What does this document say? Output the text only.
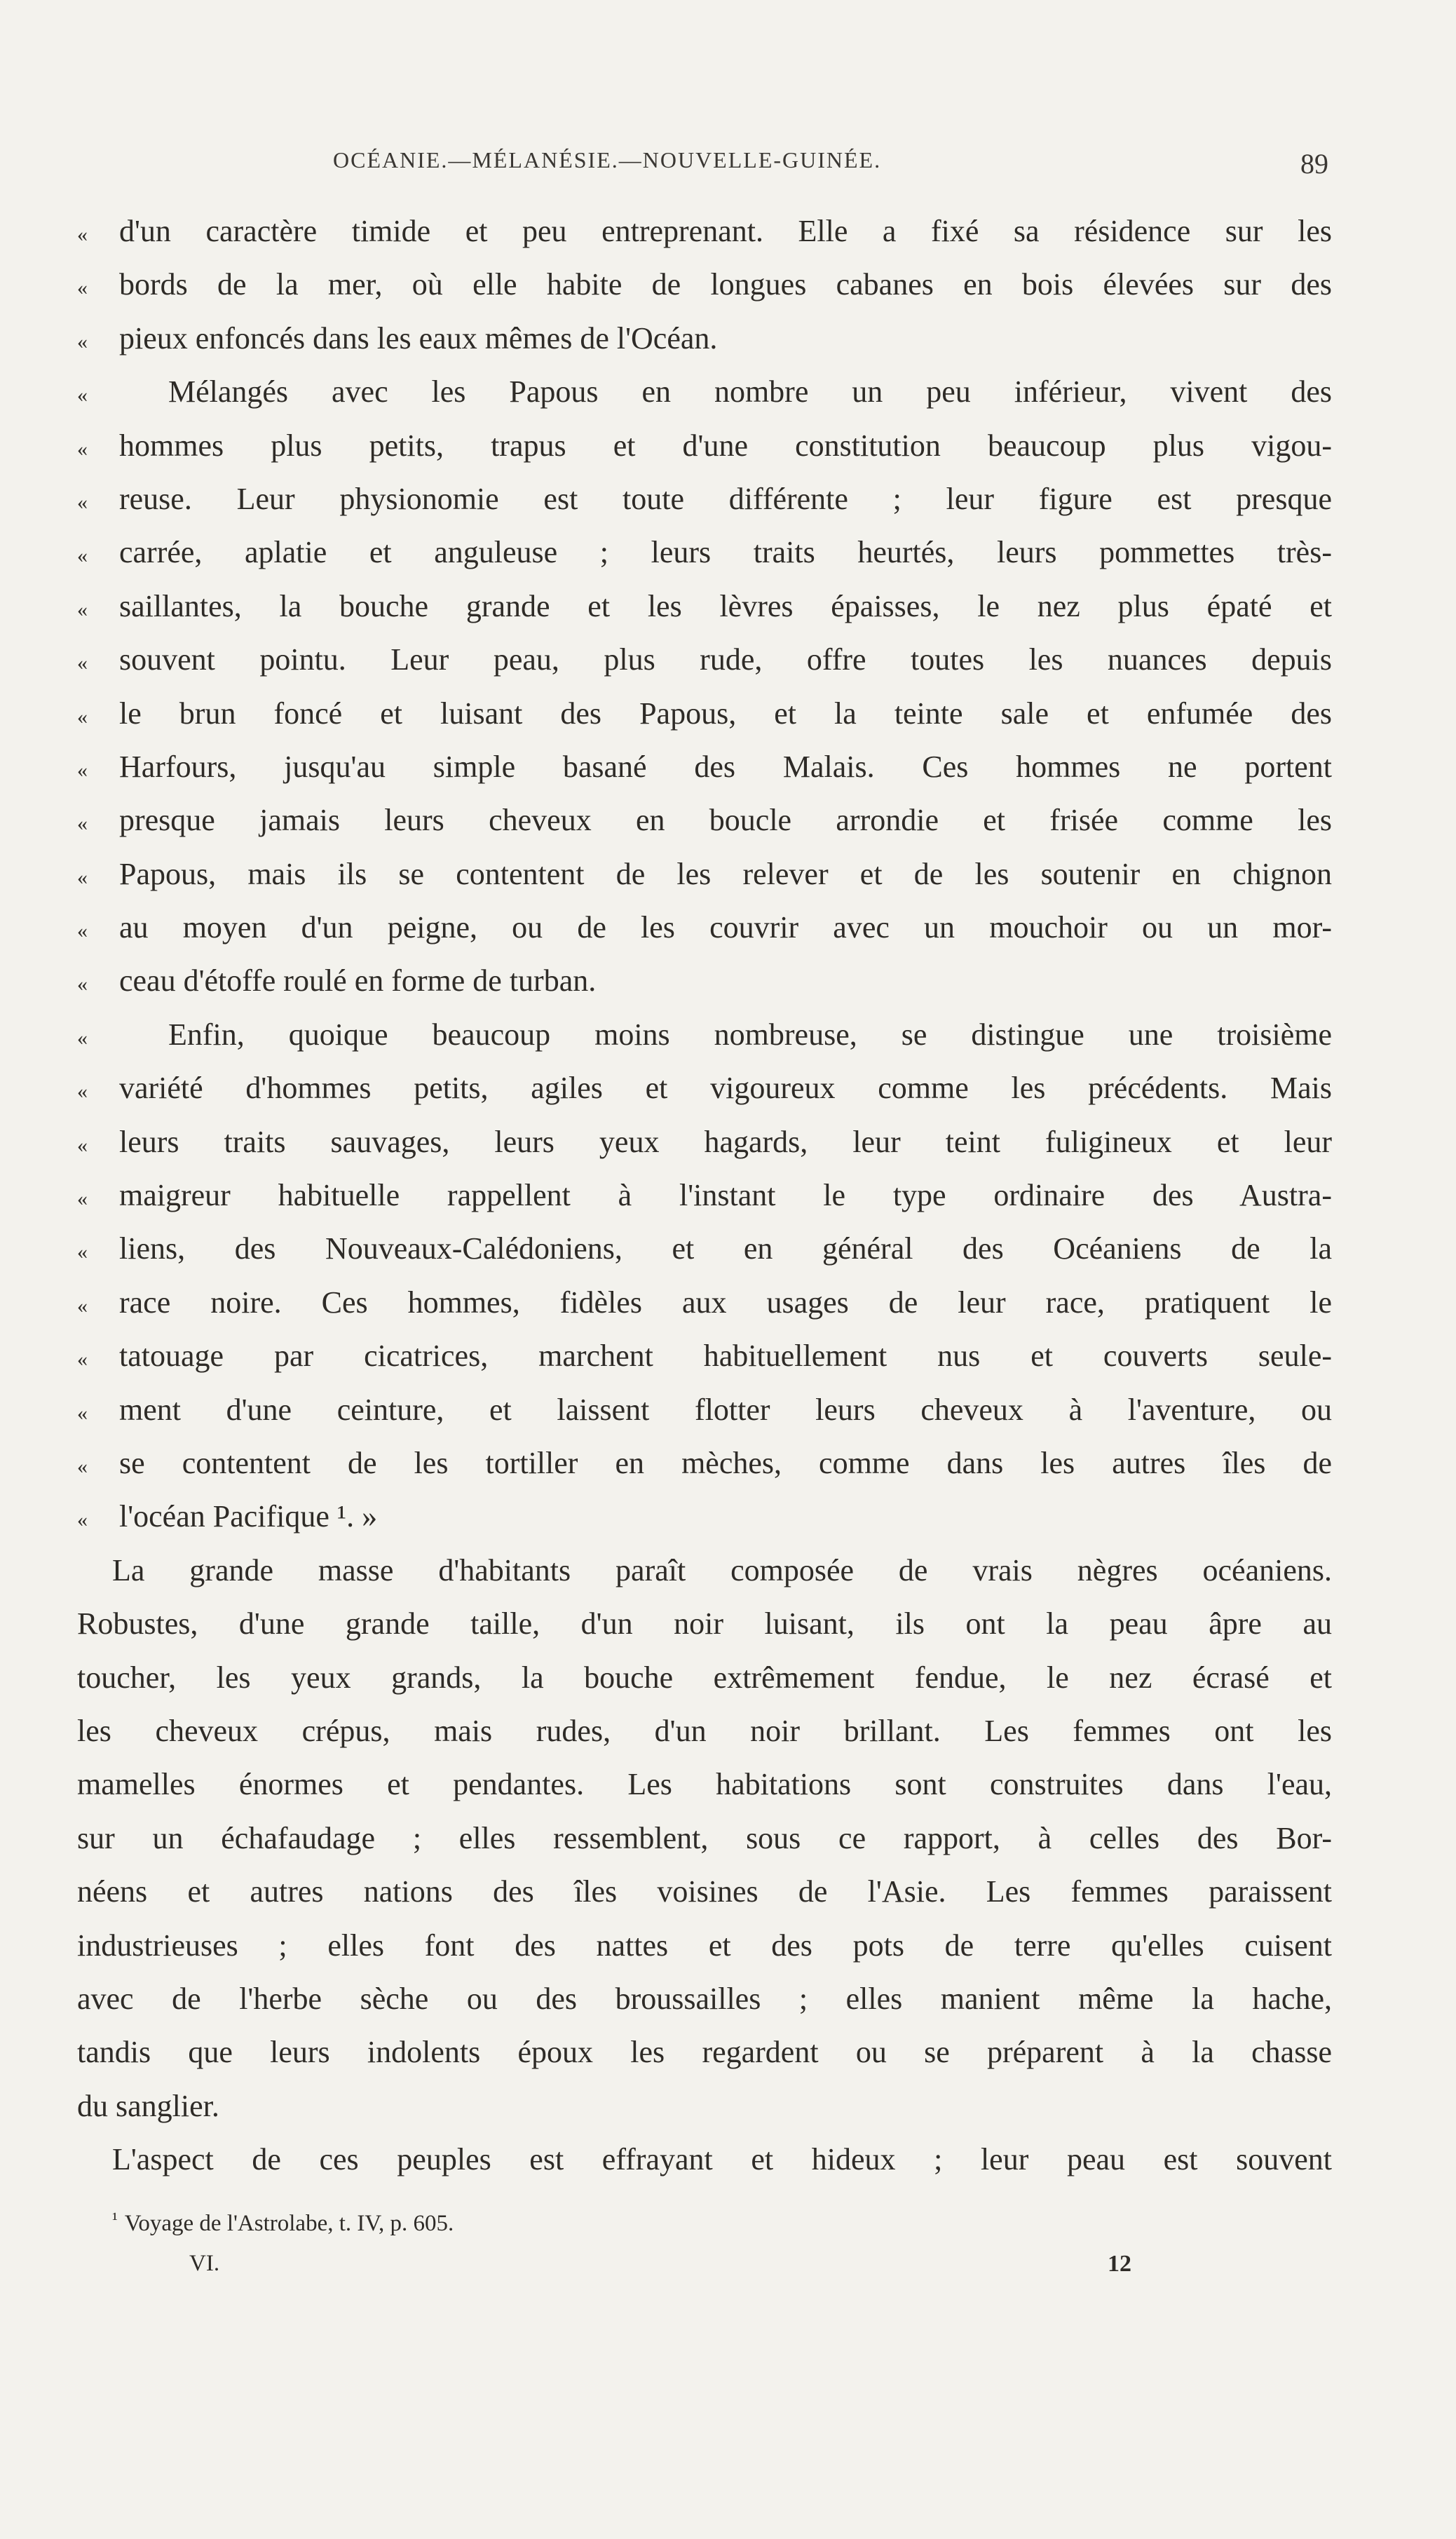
OCÉANIE.—MÉLANÉSIE.—NOUVELLE-GUINÉE.	89
« d'un caractère timide et peu entreprenant. Elle a fixé sa résidence sur les
« bords de la mer, où elle habite de longues cabanes en bois élevées sur des
« pieux enfoncés dans les eaux mêmes de l'Océan.
«	Mélangés avec les Papous en nombre un peu inférieur, vivent des
« hommes plus petits, trapus et d'une constitution beaucoup plus vigou-
« reuse. Leur physionomie est toute différente ; leur figure est presque
« carrée, aplatie et anguleuse ; leurs traits heurtés, leurs pommettes très-
« saillantes, la bouche grande et les lèvres épaisses, le nez plus épaté et
« souvent pointu. Leur peau, plus rude, offre toutes les nuances depuis
« le brun foncé et luisant des Papous, et la teinte sale et enfumée des
« Harfours, jusqu'au simple basané des Malais. Ces hommes ne portent
« presque jamais leurs cheveux en boucle arrondie et frisée comme les
« Papous, mais ils se contentent de les relever et de les soutenir en chignon
« au moyen d'un peigne, ou de les couvrir avec un mouchoir ou un mor-
« ceau d'étoffe roulé en forme de turban.
«	Enfin, quoique beaucoup moins nombreuse, se distingue une troisième
« variété d'hommes petits, agiles et vigoureux comme les précédents. Mais
« leurs traits sauvages, leurs yeux hagards, leur teint fuligineux et leur
« maigreur habituelle rappellent à l'instant le type ordinaire des Austra-
« liens, des Nouveaux-Calédoniens, et en général des Océaniens de la
« race noire. Ces hommes, fidèles aux usages de leur race, pratiquent le
« tatouage par cicatrices, marchent habituellement nus et couverts seule-
« ment d'une ceinture, et laissent flotter leurs cheveux à l'aventure, ou
« se contentent de les tortiller en mèches, comme dans les autres îles de
« l'océan Pacifique ¹. »
La grande masse d'habitants paraît composée de vrais nègres océaniens.
Robustes, d'une grande taille, d'un noir luisant, ils ont la peau âpre au
toucher, les yeux grands, la bouche extrêmement fendue, le nez écrasé et
les cheveux crépus, mais rudes, d'un noir brillant. Les femmes ont les
mamelles énormes et pendantes. Les habitations sont construites dans l'eau,
sur un échafaudage ; elles ressemblent, sous ce rapport, à celles des Bor-
néens et autres nations des îles voisines de l'Asie. Les femmes paraissent
industrieuses ; elles font des nattes et des pots de terre qu'elles cuisent
avec de l'herbe sèche ou des broussailles ; elles manient même la hache,
tandis que leurs indolents époux les regardent ou se préparent à la chasse
du sanglier.
L'aspect de ces peuples est effrayant et hideux ; leur peau est souvent
$^{^1}$ Voyage de l'Astrolabe, t. IV, p. 605.
VI.	12
